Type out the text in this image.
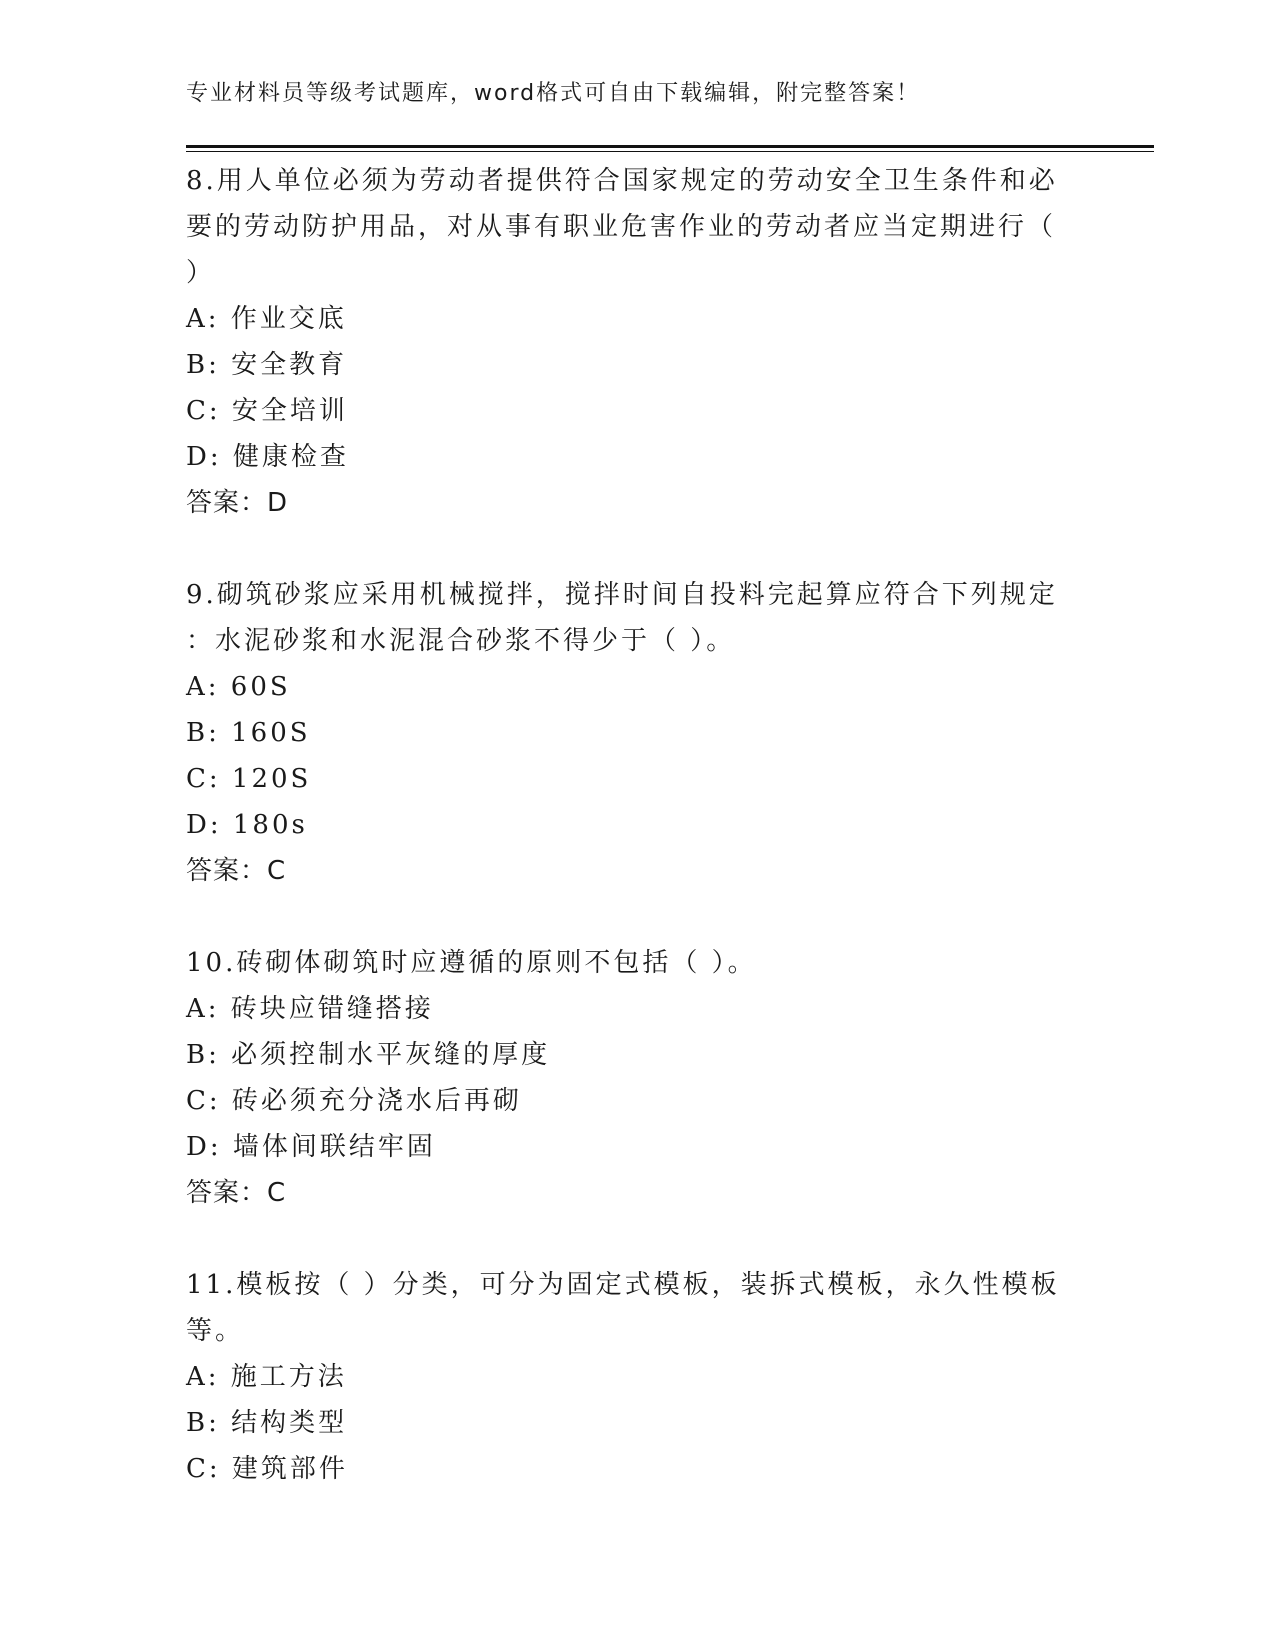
专业材料员等级考试题库，word格式可自由下载编辑，附完整答案！
8.用人单位必须为劳动者提供符合国家规定的劳动安全卫生条件和必
要的劳动防护用品，对从事有职业危害作业的劳动者应当定期进行（
）
A: 作业交底
B: 安全教育
C: 安全培训
D: 健康检查
答案：D
9.砌筑砂浆应采用机械搅拌，搅拌时间自投料完起算应符合下列规定
：水泥砂浆和水泥混合砂浆不得少于（ ）。
A: 60S
B: 160S
C: 120S
D: 180s
答案：C
10.砖砌体砌筑时应遵循的原则不包括（ ）。
A: 砖块应错缝搭接
B: 必须控制水平灰缝的厚度
C: 砖必须充分浇水后再砌
D: 墙体间联结牢固
答案：C
11.模板按（ ）分类，可分为固定式模板，装拆式模板，永久性模板
等。
A: 施工方法
B: 结构类型
C: 建筑部件
